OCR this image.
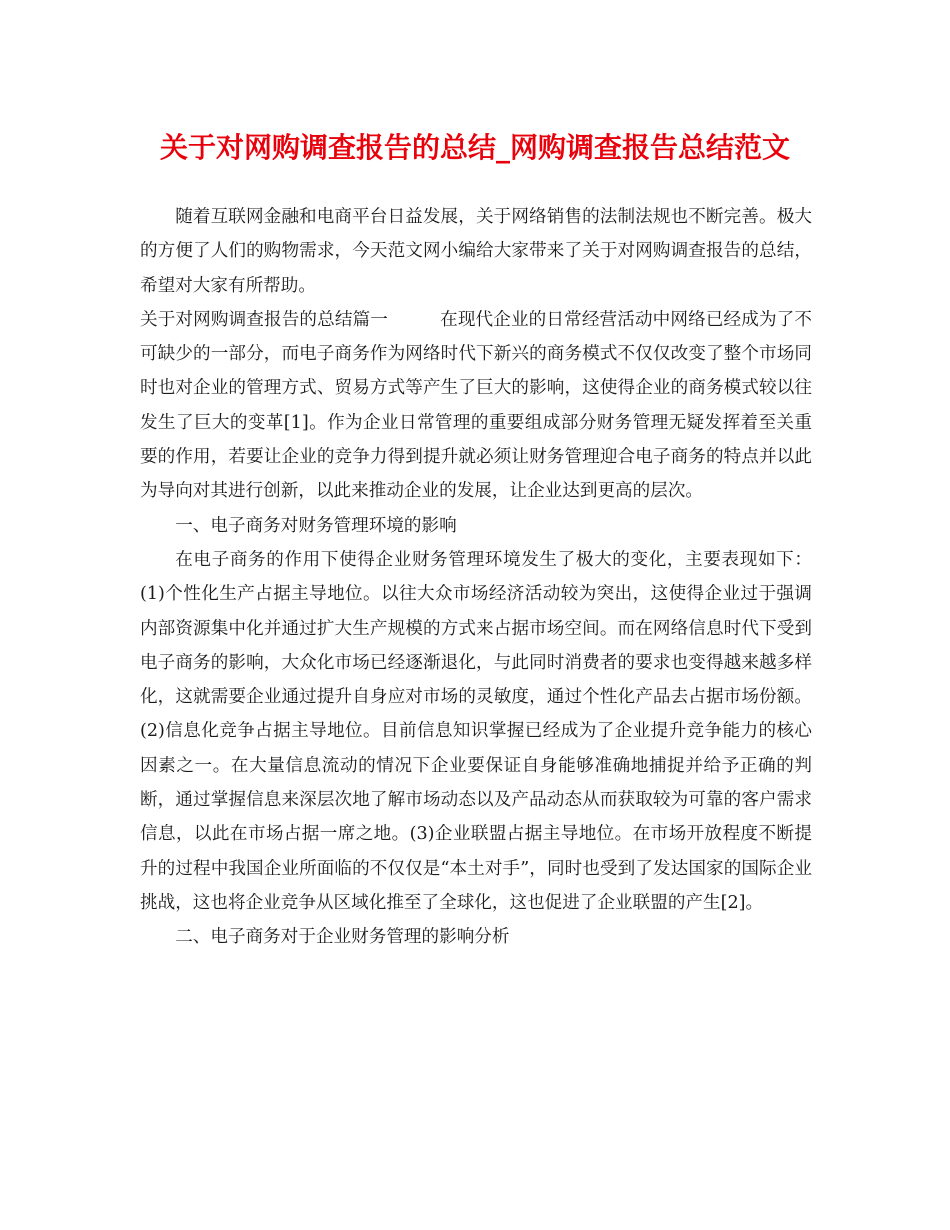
关于对网购调查报告的总结_网购调查报告总结范文

随着互联网金融和电商平台日益发展，关于网络销售的法制法规也不断完善。极大的方便了人们的购物需求，今天范文网小编给大家带来了关于对网购调查报告的总结，希望对大家有所帮助。

关于对网购调查报告的总结篇一	在现代企业的日常经营活动中网络已经成为了不可缺少的一部分，而电子商务作为网络时代下新兴的商务模式不仅仅改变了整个市场同时也对企业的管理方式、贸易方式等产生了巨大的影响，这使得企业的商务模式较以往发生了巨大的变革[1]。作为企业日常管理的重要组成部分财务管理无疑发挥着至关重要的作用，若要让企业的竞争力得到提升就必须让财务管理迎合电子商务的特点并以此为导向对其进行创新，以此来推动企业的发展，让企业达到更高的层次。

一、电子商务对财务管理环境的影响

在电子商务的作用下使得企业财务管理环境发生了极大的变化，主要表现如下：(1)个性化生产占据主导地位。以往大众市场经济活动较为突出，这使得企业过于强调内部资源集中化并通过扩大生产规模的方式来占据市场空间。而在网络信息时代下受到电子商务的影响，大众化市场已经逐渐退化，与此同时消费者的要求也变得越来越多样化，这就需要企业通过提升自身应对市场的灵敏度，通过个性化产品去占据市场份额。(2)信息化竞争占据主导地位。目前信息知识掌握已经成为了企业提升竞争能力的核心因素之一。在大量信息流动的情况下企业要保证自身能够准确地捕捉并给予正确的判断，通过掌握信息来深层次地了解市场动态以及产品动态从而获取较为可靠的客户需求信息，以此在市场占据一席之地。(3)企业联盟占据主导地位。在市场开放程度不断提升的过程中我国企业所面临的不仅仅是“本土对手”，同时也受到了发达国家的国际企业挑战，这也将企业竞争从区域化推至了全球化，这也促进了企业联盟的产生[2]。

二、电子商务对于企业财务管理的影响分析
